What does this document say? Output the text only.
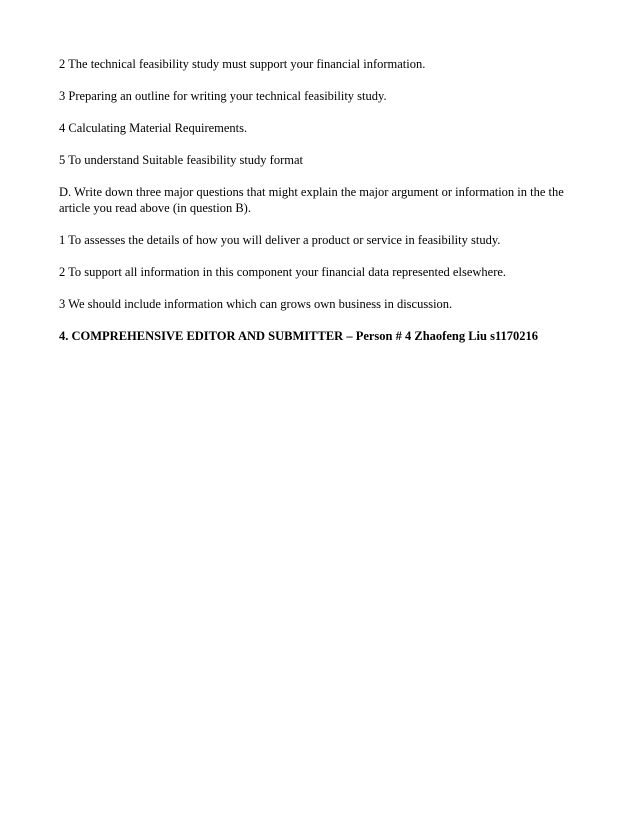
2 The technical feasibility study must support your financial information.

3 Preparing an outline for writing your technical feasibility study.

4 Calculating Material Requirements.

5 To understand Suitable feasibility study format

D. Write down three major questions that might explain the major argument or information in the the article you read above (in question B).

1 To assesses the details of how you will deliver a product or service in feasibility study.

2 To support all information in this component your financial data represented elsewhere.

3 We should include information which can grows own business in discussion.

4. COMPREHENSIVE EDITOR AND SUBMITTER – Person # 4 Zhaofeng Liu s1170216
